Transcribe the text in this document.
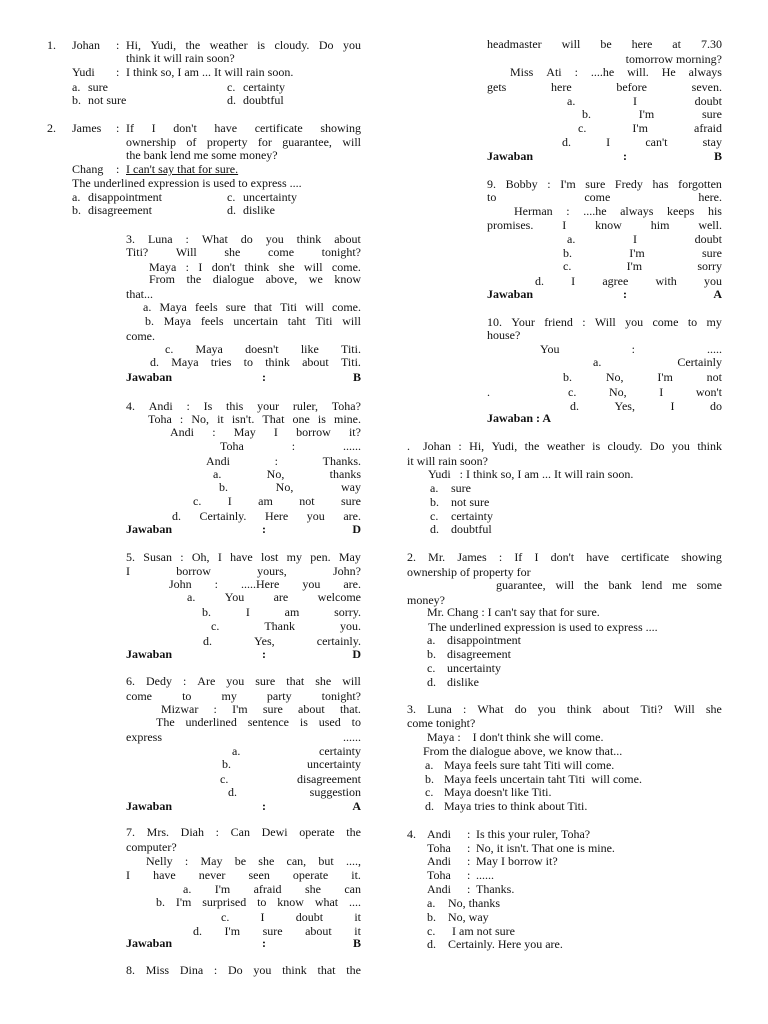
1. Johan : Hi, Yudi, the weather is cloudy. Do you
think it will rain soon?
Yudi : I think so, I am ... It will rain soon.
a. sure	c. certainty
b. not sure	d. doubtful
2. James : If I don't have certificate showing
ownership of property for guarantee, will
the bank lend me some money?
Chang : I can't say that for sure.
The underlined expression is used to express ....
a. disappointment	c. uncertainty
b. disagreement	d. dislike
3. Luna : What do you think about
Titi? Will she come tonight?
Maya : I don't think she will come.
From the dialogue above, we know
that...
a. Maya feels sure that Titi will come.
b. Maya feels uncertain taht Titi will
come.
c. Maya doesn't like Titi.
d. Maya tries to think about Titi.
Jawaban	:	B
4. Andi : Is this your ruler, Toha?
Toha : No, it isn't. That one is mine.
Andi : May I borrow it?
Toha	:	......
Andi	:	Thanks.
a.	No,	thanks
b.	No,	way
c. I am not sure
d. Certainly. Here you are.
Jawaban	:	D
5. Susan : Oh, I have lost my pen. May
I	borrow	yours,	John?
John : .....Here you are.
a. You are welcome
b.	I	am	sorry.
c.	Thank	you.
d.	Yes,	certainly.
Jawaban	:	D
6. Dedy : Are you sure that she will
come	to	my	party	tonight?
Mizwar : I'm sure about that.
The underlined sentence is used to
express	......
a.	certainty
b.	uncertainty
c.	disagreement
d.	suggestion
Jawaban	:	A
7. Mrs. Diah : Can Dewi operate the
computer?
Nelly : May be she can, but ....,
I have never seen operate it.
a. I'm afraid she can
b. I'm surprised to know what ....
c.	I	doubt	it
d. I'm sure about it
Jawaban	:	B
8. Miss Dina : Do you think that the
headmaster will be here at 7.30
tomorrow morning?
Miss Ati : ....he will. He always
gets	here	before	seven.
a.	I	doubt
b.	I'm	sure
c.	I'm	afraid
d.	I	can't	stay
Jawaban	:	B
9. Bobby : I'm sure Fredy has forgotten
to	come	here.
Herman : ....he always keeps his
promises. I know him well.
a.	I	doubt
b.	I'm	sure
c.	I'm	sorry
d. I agree with you
Jawaban	:	A
10. Your friend : Will you come to my
house?
You	:	.....
a.	Certainly
b.	No,	I'm	not
.	c.	No,	I	won't
d.	Yes,	I	do
Jawaban : A
. Johan : Hi, Yudi, the weather is cloudy. Do you think
it will rain soon?
Yudi   : I think so, I am ... It will rain soon.
a. sure
b. not sure
c. certainty
d. doubtful
2. Mr. James : If I don't have certificate showing
ownership of property for
guarantee, will the bank lend me some
money?
Mr. Chang : I can't say that for sure.
The underlined expression is used to express ....
a. disappointment
b. disagreement
c. uncertainty
d. dislike
3. Luna : What do you think about Titi? Will she
come tonight?
Maya :    I don't think she will come.
From the dialogue above, we know that...
a. Maya feels sure taht Titi will come.
b. Maya feels uncertain taht Titi  will come.
c. Maya doesn't like Titi.
d. Maya tries to think about Titi.
4. Andi : Is this your ruler, Toha?
Toha : No, it isn't. That one is mine.
Andi : May I borrow it?
Toha : ......
Andi : Thanks.
a. No, thanks
b. No, way
c. I am not sure
d. Certainly. Here you are.
